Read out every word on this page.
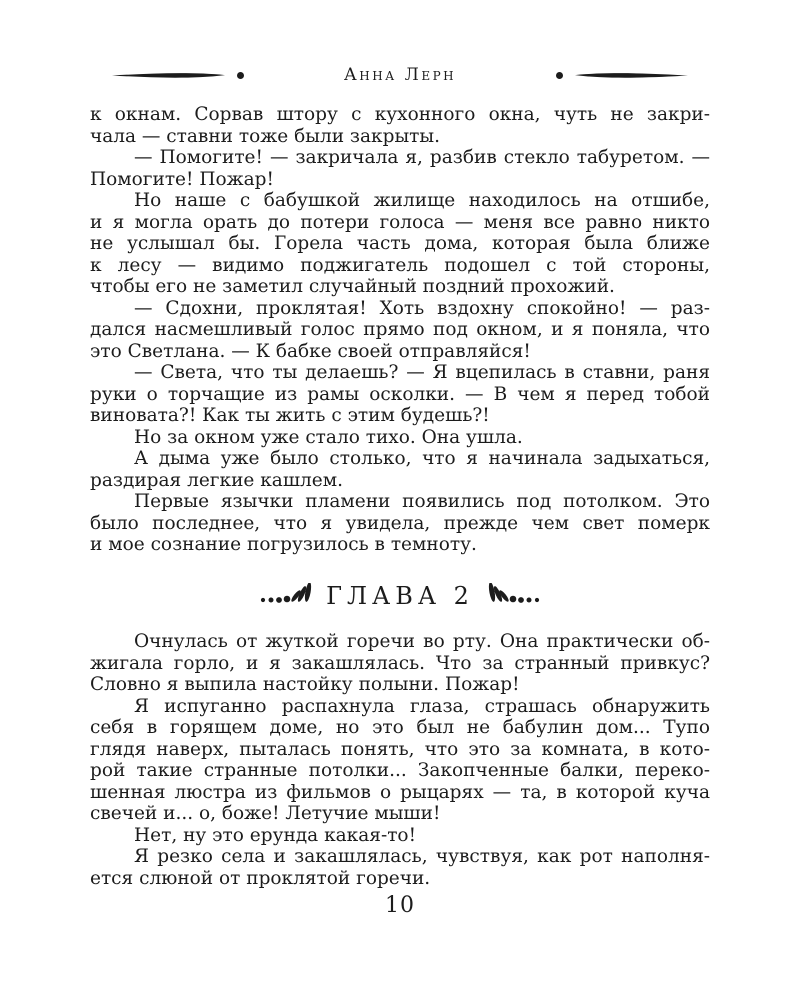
Анна Лерн
к окнам. Сорвав штору с кухонного окна, чуть не закри-
чала — ставни тоже были закрыты.
— Помогите! — закричала я, разбив стекло табуретом. —
Помогите! Пожар!
Но наше с бабушкой жилище находилось на отшибе,
и я могла орать до потери голоса — меня все равно никто
не услышал бы. Горела часть дома, которая была ближе
к лесу — видимо поджигатель подошел с той стороны,
чтобы его не заметил случайный поздний прохожий.
— Сдохни, проклятая! Хоть вздохну спокойно! — раз-
дался насмешливый голос прямо под окном, и я поняла, что
это Светлана. — К бабке своей отправляйся!
— Света, что ты делаешь? — Я вцепилась в ставни, раня
руки о торчащие из рамы осколки. — В чем я перед тобой
виновата?! Как ты жить с этим будешь?!
Но за окном уже стало тихо. Она ушла.
А дыма уже было столько, что я начинала задыхаться,
раздирая легкие кашлем.
Первые язычки пламени появились под потолком. Это
было последнее, что я увидела, прежде чем свет померк
и мое сознание погрузилось в темноту.
ГЛАВА 2
Очнулась от жуткой горечи во рту. Она практически об-
жигала горло, и я закашлялась. Что за странный привкус?
Словно я выпила настойку полыни. Пожар!
Я испуганно распахнула глаза, страшась обнаружить
себя в горящем доме, но это был не бабулин дом... Тупо
глядя наверх, пыталась понять, что это за комната, в кото-
рой такие странные потолки... Закопченные балки, переко-
шенная люстра из фильмов о рыцарях — та, в которой куча
свечей и... о, боже! Летучие мыши!
Нет, ну это ерунда какая-то!
Я резко села и закашлялась, чувствуя, как рот наполня-
ется слюной от проклятой горечи.
10
